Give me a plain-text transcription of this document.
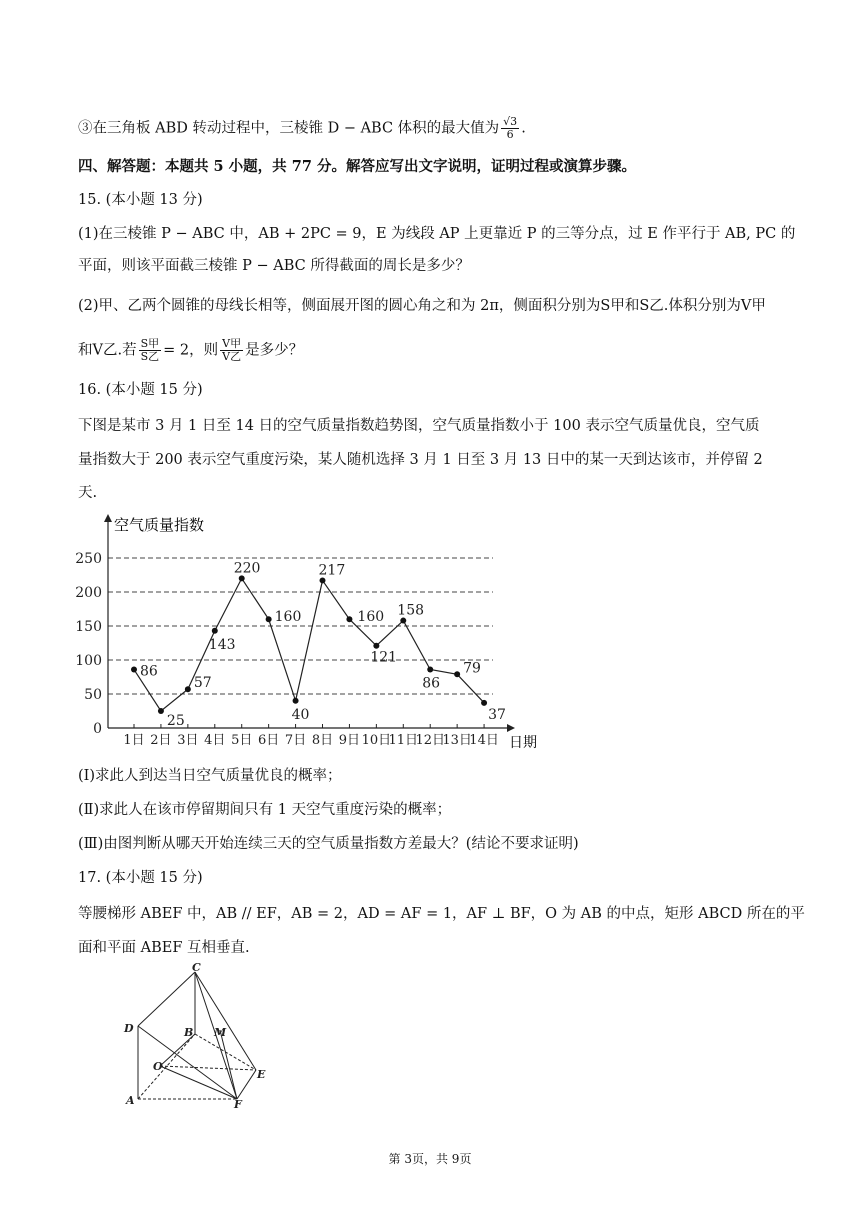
③在三角板 ABD 转动过程中，三棱锥 D − ABC 体积的最大值为 $\frac{√3}{6}$ .
四、解答题：本题共 5 小题，共 77 分。解答应写出文字说明，证明过程或演算步骤。
15. (本小题 13 分)
(1)在三棱锥 P − ABC 中，AB + 2PC = 9，E 为线段 AP 上更靠近 P 的三等分点，过 E 作平行于 AB, PC 的
平面，则该平面截三棱锥 P − ABC 所得截面的周长是多少？
(2)甲、乙两个圆锥的母线长相等，侧面展开图的圆心角之和为 2π，侧面积分别为S甲和S乙.体积分别为V甲
和V乙.若 $\frac{\text{S甲}}{\text{S乙}} = 2$，则 $\frac{\text{V甲}}{\text{V乙}}$ 是多少？
16. (本小题 15 分)
下图是某市 3 月 1 日至 14 日的空气质量指数趋势图，空气质量指数小于 100 表示空气质量优良，空气质
量指数大于 200 表示空气重度污染，某人随机选择 3 月 1 日至 3 月 13 日中的某一天到达该市，并停留 2
天.
0
50
100
150
200
250
1日 2日 3日 4日 5日 6日 7日 8日 9日 10日
11日
12日
13日
14日
86
25
57
143
220
160
40
217
160
121
158
86
79
37
空气质量指数
日期
(Ⅰ)求此人到达当日空气质量优良的概率；
(Ⅱ)求此人在该市停留期间只有 1 天空气重度污染的概率；
(Ⅲ)由图判断从哪天开始连续三天的空气质量指数方差最大？(结论不要求证明)
17. (本小题 15 分)
等腰梯形 ABEF 中，AB // EF，AB = 2，AD = AF = 1，AF ⊥ BF，O 为 AB 的中点，矩形 ABCD 所在的平
面和平面 ABEF 互相垂直.
C
D	B M
O
E
A	F
第 3页，共 9页
